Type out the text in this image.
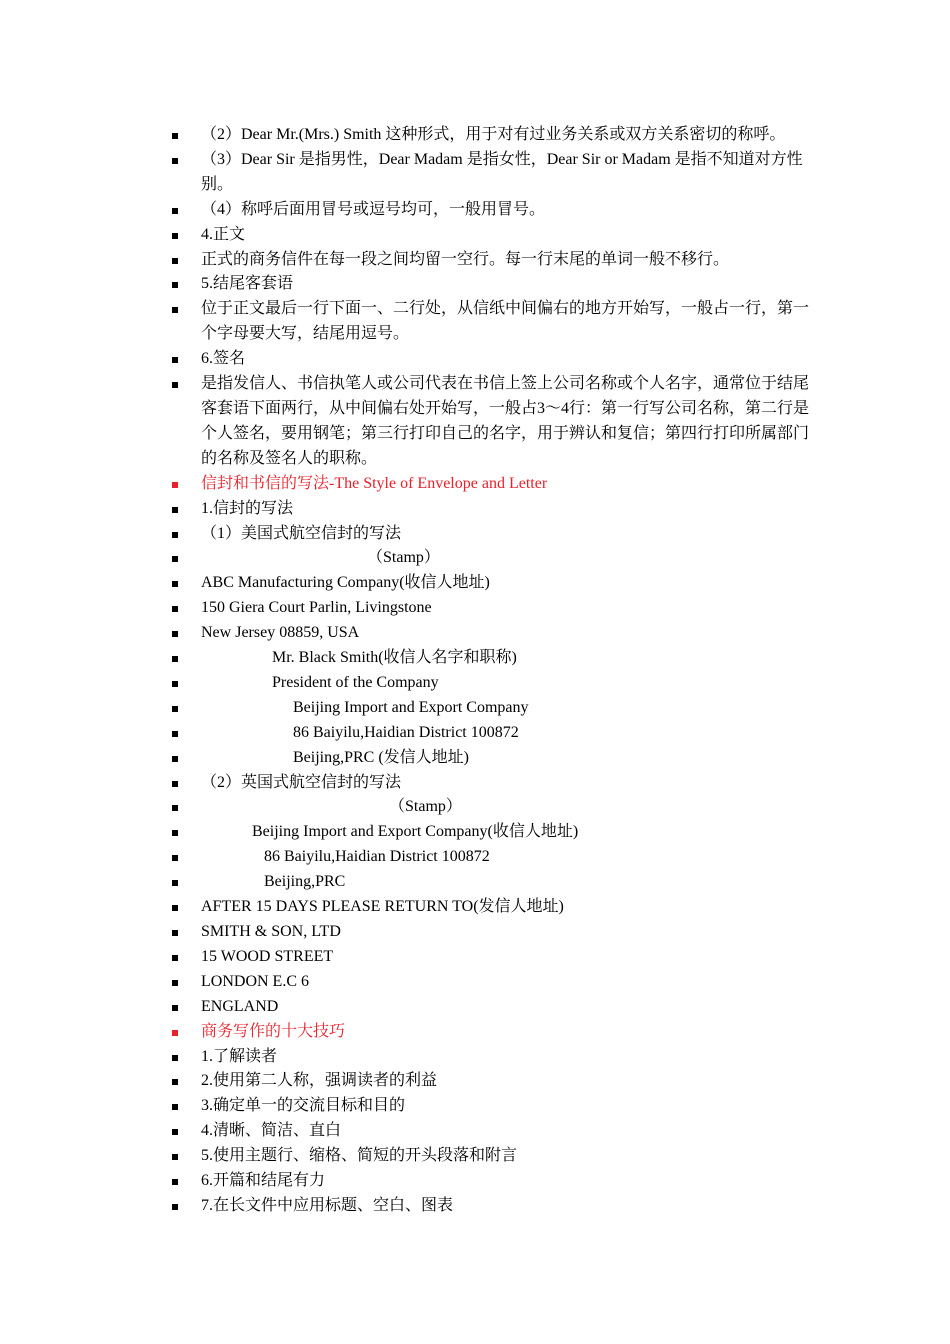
（2）Dear Mr.(Mrs.) Smith 这种形式，用于对有过业务关系或双方关系密切的称呼。
（3）Dear Sir 是指男性，Dear Madam 是指女性，Dear Sir or Madam 是指不知道对方性别。
（4）称呼后面用冒号或逗号均可，一般用冒号。
4.正文
正式的商务信件在每一段之间均留一空行。每一行末尾的单词一般不移行。
5.结尾客套语
位于正文最后一行下面一、二行处，从信纸中间偏右的地方开始写，一般占一行，第一个字母要大写，结尾用逗号。
6.签名
是指发信人、书信执笔人或公司代表在书信上签上公司名称或个人名字，通常位于结尾客套语下面两行，从中间偏右处开始写，一般占3～4行：第一行写公司名称，第二行是个人签名，要用钢笔；第三行打印自己的名字，用于辨认和复信；第四行打印所属部门的名称及签名人的职称。
信封和书信的写法-The Style of Envelope and Letter
1.信封的写法
（1）美国式航空信封的写法
（Stamp）
ABC Manufacturing Company(收信人地址)
150 Giera Court Parlin, Livingstone
New Jersey 08859, USA
Mr. Black Smith(收信人名字和职称)
President of the Company
Beijing Import and Export Company
86 Baiyilu,Haidian District 100872
Beijing,PRC (发信人地址)
（2）英国式航空信封的写法
（Stamp）
Beijing Import and Export Company(收信人地址)
86 Baiyilu,Haidian District 100872
Beijing,PRC
AFTER 15 DAYS PLEASE RETURN TO(发信人地址)
SMITH & SON, LTD
15 WOOD STREET
LONDON E.C 6
ENGLAND
商务写作的十大技巧
1.了解读者
2.使用第二人称，强调读者的利益
3.确定单一的交流目标和目的
4.清晰、简洁、直白
5.使用主题行、缩格、简短的开头段落和附言
6.开篇和结尾有力
7.在长文件中应用标题、空白、图表
